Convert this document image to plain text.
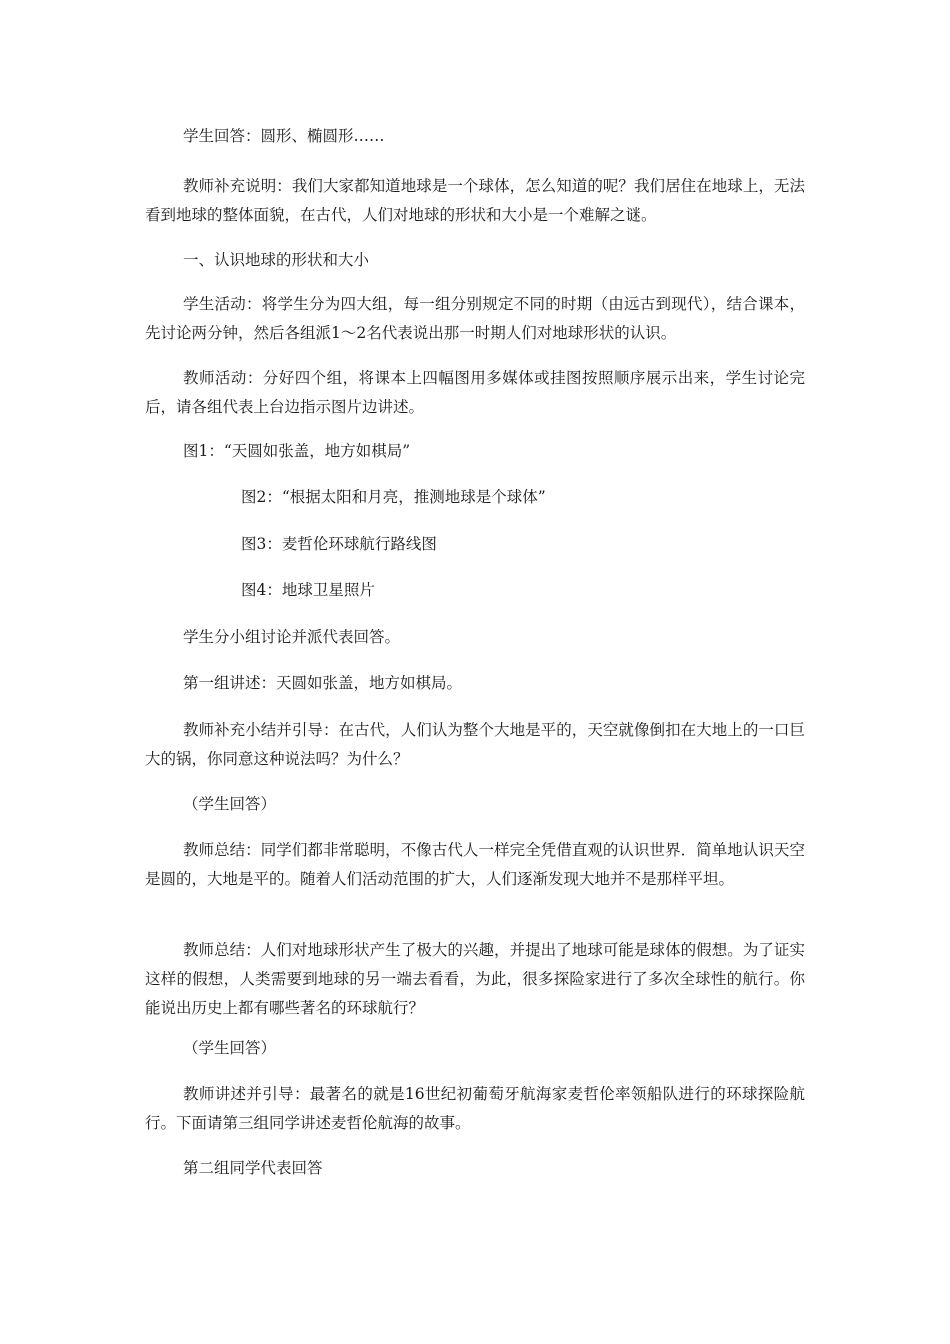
学生回答：圆形、椭圆形……

教师补充说明：我们大家都知道地球是一个球体，怎么知道的呢？我们居住在地球上，无法看到地球的整体面貌，在古代，人们对地球的形状和大小是一个难解之谜。

一、认识地球的形状和大小

学生活动：将学生分为四大组，每一组分别规定不同的时期（由远古到现代），结合课本，先讨论两分钟，然后各组派1～2名代表说出那一时期人们对地球形状的认识。

教师活动：分好四个组，将课本上四幅图用多媒体或挂图按照顺序展示出来，学生讨论完后，请各组代表上台边指示图片边讲述。

图1：“天圆如张盖，地方如棋局”

图2：“根据太阳和月亮，推测地球是个球体”

图3：麦哲伦环球航行路线图

图4：地球卫星照片

学生分小组讨论并派代表回答。

第一组讲述：天圆如张盖，地方如棋局。

教师补充小结并引导：在古代，人们认为整个大地是平的，天空就像倒扣在大地上的一口巨大的锅，你同意这种说法吗？为什么？

（学生回答）

教师总结：同学们都非常聪明，不像古代人一样完全凭借直观的认识世界．简单地认识天空是圆的，大地是平的。随着人们活动范围的扩大，人们逐渐发现大地并不是那样平坦。

教师总结：人们对地球形状产生了极大的兴趣，并提出了地球可能是球体的假想。为了证实这样的假想，人类需要到地球的另一端去看看，为此，很多探险家进行了多次全球性的航行。你能说出历史上都有哪些著名的环球航行？

（学生回答）

教师讲述并引导：最著名的就是16世纪初葡萄牙航海家麦哲伦率领船队进行的环球探险航行。下面请第三组同学讲述麦哲伦航海的故事。

第二组同学代表回答
